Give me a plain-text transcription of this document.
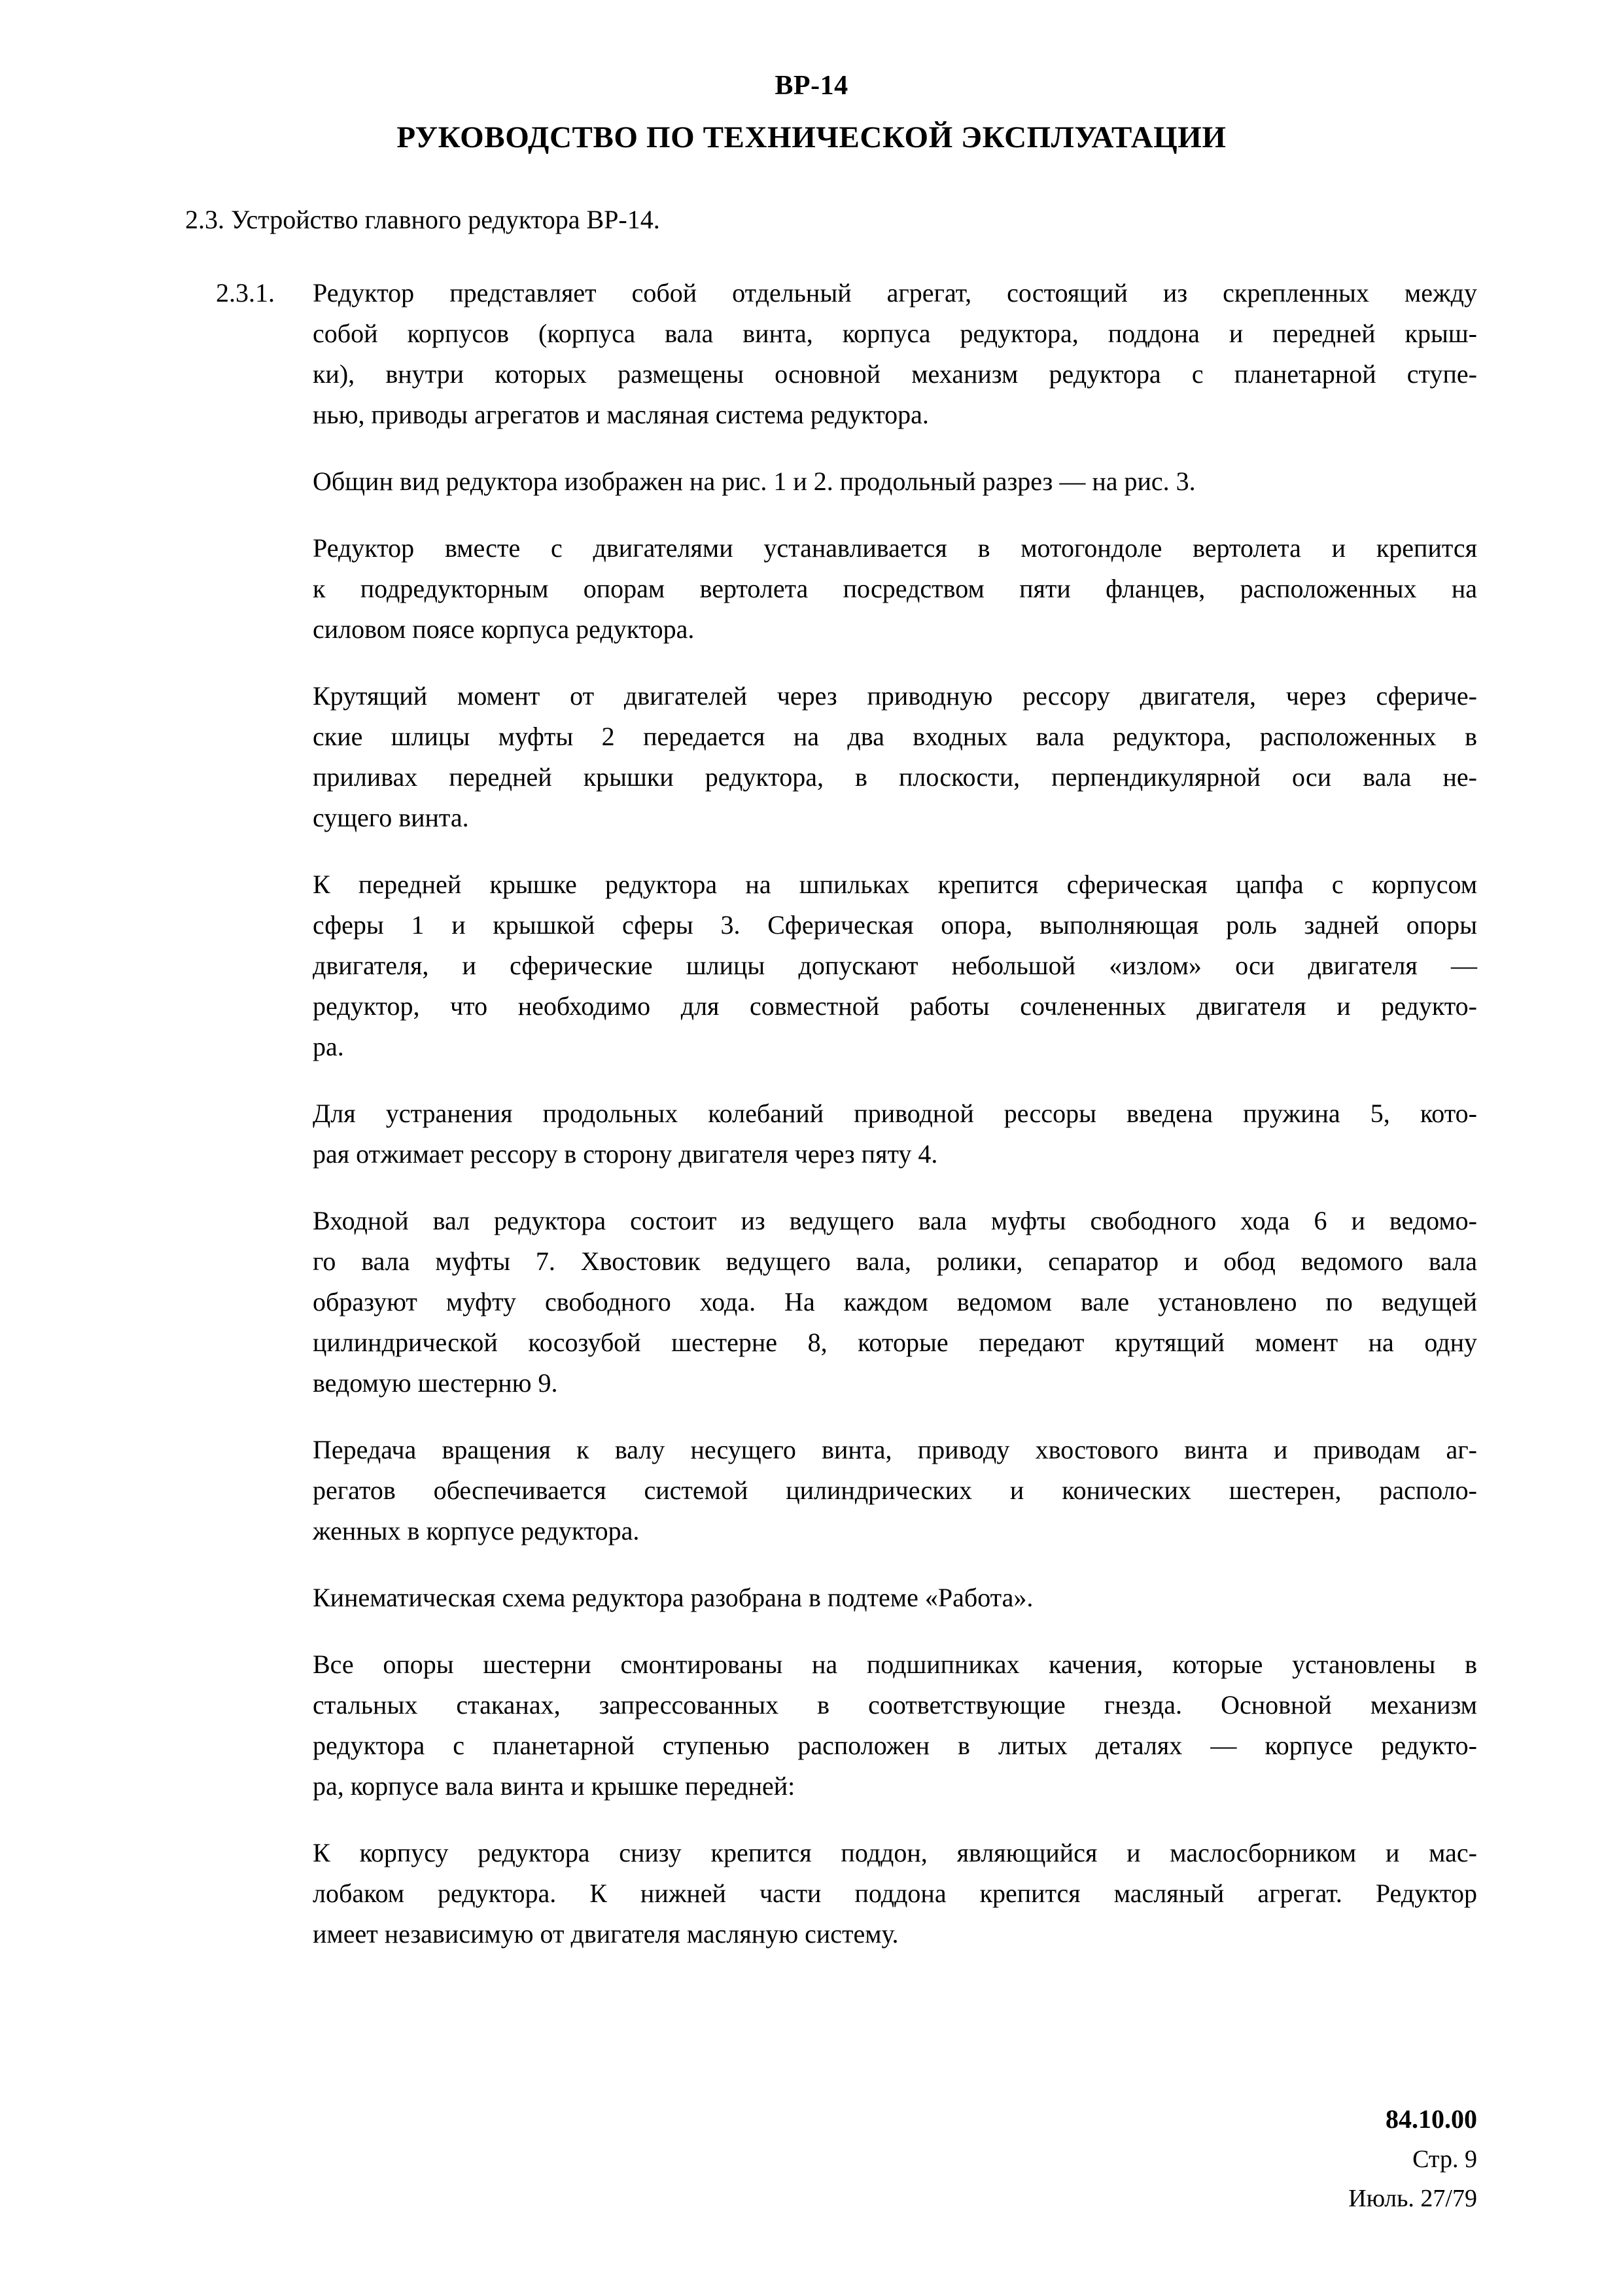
ВР-14
РУКОВОДСТВО ПО ТЕХНИЧЕСКОЙ ЭКСПЛУАТАЦИИ
2.3. Устройство главного редуктора ВР-14.
2.3.1.	Редуктор представляет собой отдельный агрегат, состоящий из скрепленных между
собой корпусов (корпуса вала винта, корпуса редуктора, поддона и передней крыш-
ки), внутри которых размещены основной механизм редуктора с планетарной ступе-
нью, приводы агрегатов и масляная система редуктора.

Общин вид редуктора изображен на рис. 1 и 2. продольный разрез — на рис. 3.

Редуктор вместе с двигателями устанавливается в мотогондоле вертолета и крепится
к подредукторным опорам вертолета посредством пяти фланцев, расположенных на
силовом поясе корпуса редуктора.

Крутящий момент от двигателей через приводную рессору двигателя, через сфериче-
ские шлицы муфты 2 передается на два входных вала редуктора, расположенных в
приливах передней крышки редуктора, в плоскости, перпендикулярной оси вала не-
сущего винта.

К передней крышке редуктора на шпильках крепится сферическая цапфа с корпусом
сферы 1 и крышкой сферы 3. Сферическая опора, выполняющая роль задней опоры
двигателя, и сферические шлицы допускают небольшой «излом» оси двигателя —
редуктор, что необходимо для совместной работы сочлененных двигателя и редукто-
ра.

Для устранения продольных колебаний приводной рессоры введена пружина 5, кото-
рая отжимает рессору в сторону двигателя через пяту 4.

Входной вал редуктора состоит из ведущего вала муфты свободного хода 6 и ведомо-
го вала муфты 7. Хвостовик ведущего вала, ролики, сепаратор и обод ведомого вала
образуют муфту свободного хода. На каждом ведомом вале установлено по ведущей
цилиндрической косозубой шестерне 8, которые передают крутящий момент на одну
ведомую шестерню 9.

Передача вращения к валу несущего винта, приводу хвостового винта и приводам аг-
регатов обеспечивается системой цилиндрических и конических шестерен, располо-
женных в корпусе редуктора.

Кинематическая схема редуктора разобрана в подтеме «Работа».

Все опоры шестерни смонтированы на подшипниках качения, которые установлены в
стальных стаканах, запрессованных в соответствующие гнезда. Основной механизм
редуктора с планетарной ступенью расположен в литых деталях — корпусе редукто-
ра, корпусе вала винта и крышке передней:

К корпусу редуктора снизу крепится поддон, являющийся и маслосборником и мас-
лобаком редуктора. К нижней части поддона крепится масляный агрегат. Редуктор
имеет независимую от двигателя масляную систему.

84.10.00
Стр. 9
Июль. 27/79
